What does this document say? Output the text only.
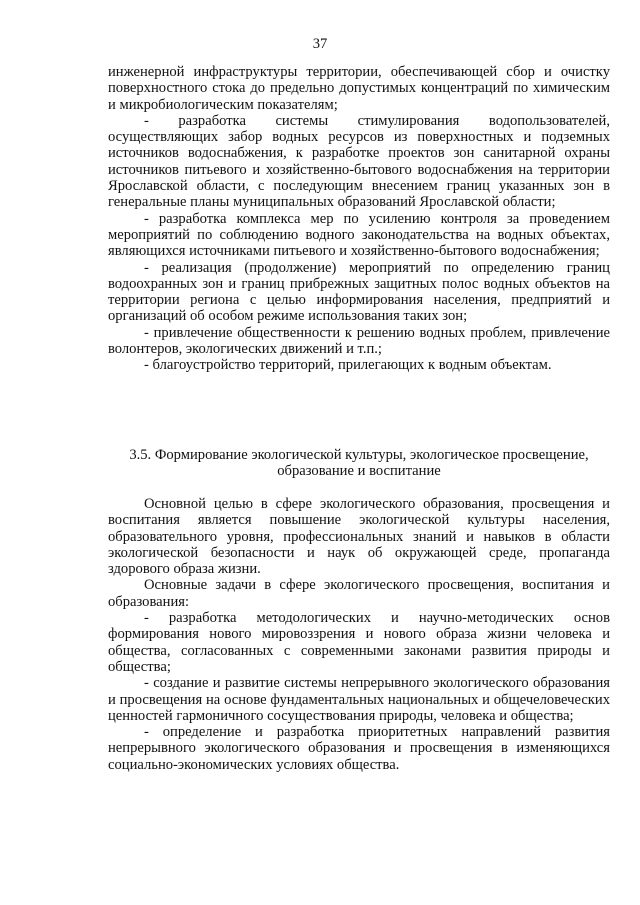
37

инженерной инфраструктуры территории, обеспечивающей сбор и очистку поверхностного стока до предельно допустимых концентраций по химическим и микробиологическим показателям;

- разработка системы стимулирования водопользователей, осуществляющих забор водных ресурсов из поверхностных и подземных источников водоснабжения, к разработке проектов зон санитарной охраны источников питьевого и хозяйственно-бытового водоснабжения на территории Ярославской области, с последующим внесением границ указанных зон в генеральные планы муниципальных образований Ярославской области;

- разработка комплекса мер по усилению контроля за проведением мероприятий по соблюдению водного законодательства на водных объектах, являющихся источниками питьевого и хозяйственно-бытового водоснабжения;

- реализация (продолжение) мероприятий по определению границ водоохранных зон и границ прибрежных защитных полос водных объектов на территории региона с целью информирования населения, предприятий и организаций об особом режиме использования таких зон;

- привлечение общественности к решению водных проблем, привлечение волонтеров, экологических движений и т.п.;

- благоустройство территорий, прилегающих к водным объектам.

3.5. Формирование экологической культуры, экологическое просвещение,
образование и воспитание

Основной целью в сфере экологического образования, просвещения и воспитания является повышение экологической культуры населения, образовательного уровня, профессиональных знаний и навыков в области экологической безопасности и наук об окружающей среде, пропаганда здорового образа жизни.

Основные задачи в сфере экологического просвещения, воспитания и образования:

- разработка методологических и научно-методических основ формирования нового мировоззрения и нового образа жизни человека и общества, согласованных с современными законами развития природы и общества;

- создание и развитие системы непрерывного экологического образования и просвещения на основе фундаментальных национальных и общечеловеческих ценностей гармоничного сосуществования природы, человека и общества;

- определение и разработка приоритетных направлений развития непрерывного экологического образования и просвещения в изменяющихся социально-экономических условиях общества.
